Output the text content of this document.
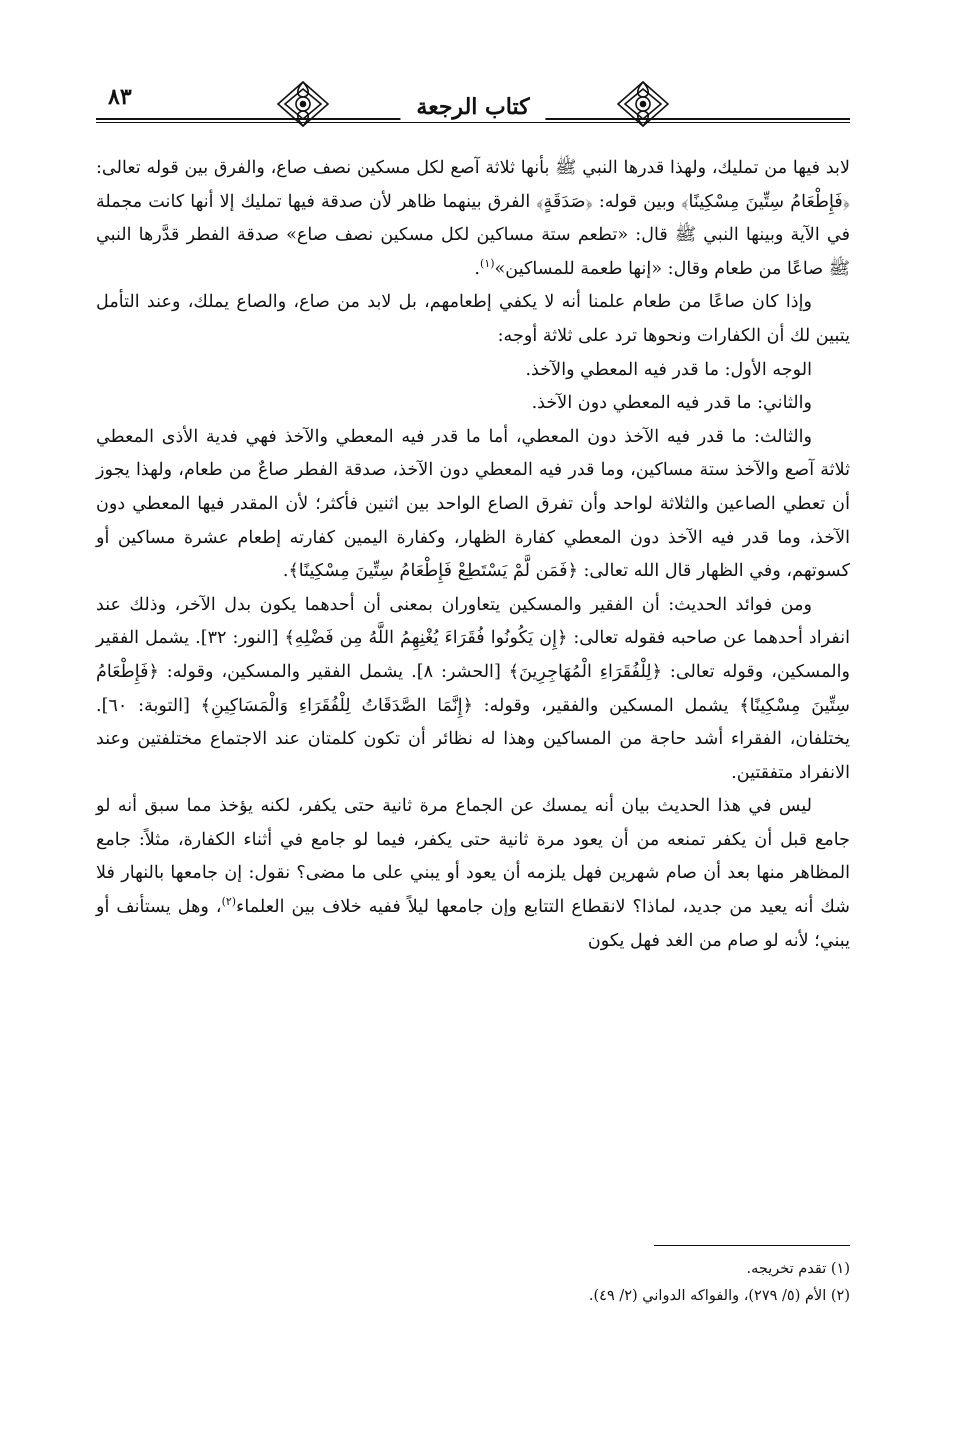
٨٣	كتاب الرجعة

لابد فيها من تمليك، ولهذا قدرها النبي ﷺ بأنها ثلاثة آصع لكل مسكين نصف صاع، والفرق بين قوله تعالى: ﴿فَإِطْعَامُ سِتِّينَ مِسْكِينًا﴾ وبين قوله: ﴿صَدَقَةٍ﴾ الفرق بينهما ظاهر لأن صدقة فيها تمليك إلا أنها كانت مجملة في الآية وبينها النبي ﷺ قال: «تطعم ستة مساكين لكل مسكين نصف صاع» صدقة الفطر قدَّرها النبي ﷺ صاعًا من طعام وقال: «إنها طعمة للمساكين»$^{(١)}$.

وإذا كان صاعًا من طعام علمنا أنه لا يكفي إطعامهم، بل لابد من صاع، والصاع يملك، وعند التأمل يتبين لك أن الكفارات ونحوها ترد على ثلاثة أوجه:

الوجه الأول: ما قدر فيه المعطي والآخذ.

والثاني: ما قدر فيه المعطي دون الآخذ.

والثالث: ما قدر فيه الآخذ دون المعطي، أما ما قدر فيه المعطي والآخذ فهي فدية الأذى المعطي ثلاثة آصع والآخذ ستة مساكين، وما قدر فيه المعطي دون الآخذ، صدقة الفطر صاعٌ من طعام، ولهذا يجوز أن تعطي الصاعين والثلاثة لواحد وأن تفرق الصاع الواحد بين اثنين فأكثر؛ لأن المقدر فيها المعطي دون الآخذ، وما قدر فيه الآخذ دون المعطي كفارة الظهار، وكفارة اليمين كفارته إطعام عشرة مساكين أو كسوتهم، وفي الظهار قال الله تعالى: ﴿فَمَن لَّمْ يَسْتَطِعْ فَإِطْعَامُ سِتِّينَ مِسْكِينًا﴾.

ومن فوائد الحديث: أن الفقير والمسكين يتعاوران بمعنى أن أحدهما يكون بدل الآخر، وذلك عند انفراد أحدهما عن صاحبه فقوله تعالى: ﴿إِن يَكُونُوا فُقَرَاءَ يُغْنِهِمُ اللَّهُ مِن فَضْلِهِ﴾ [النور: ٣٢]. يشمل الفقير والمسكين، وقوله تعالى: ﴿لِلْفُقَرَاءِ الْمُهَاجِرِينَ﴾ [الحشر: ٨]. يشمل الفقير والمسكين، وقوله: ﴿فَإِطْعَامُ سِتِّينَ مِسْكِينًا﴾ يشمل المسكين والفقير، وقوله: ﴿إِنَّمَا الصَّدَقَاتُ لِلْفُقَرَاءِ وَالْمَسَاكِينِ﴾ [التوبة: ٦٠]. يختلفان، الفقراء أشد حاجة من المساكين وهذا له نظائر أن تكون كلمتان عند الاجتماع مختلفتين وعند الانفراد متفقتين.

ليس في هذا الحديث بيان أنه يمسك عن الجماع مرة ثانية حتى يكفر، لكنه يؤخذ مما سبق أنه لو جامع قبل أن يكفر تمنعه من أن يعود مرة ثانية حتى يكفر، فيما لو جامع في أثناء الكفارة، مثلاً: جامع المظاهر منها بعد أن صام شهرين فهل يلزمه أن يعود أو يبني على ما مضى؟ نقول: إن جامعها بالنهار فلا شك أنه يعيد من جديد، لماذا؟ لانقطاع التتابع وإن جامعها ليلاً ففيه خلاف بين العلماء$^{(٢)}$، وهل يستأنف أو يبني؛ لأنه لو صام من الغد فهل يكون

(١) تقدم تخريجه.

(٢) الأم (٥/ ٢٧٩)، والفواكه الدواني (٢/ ٤٩).
